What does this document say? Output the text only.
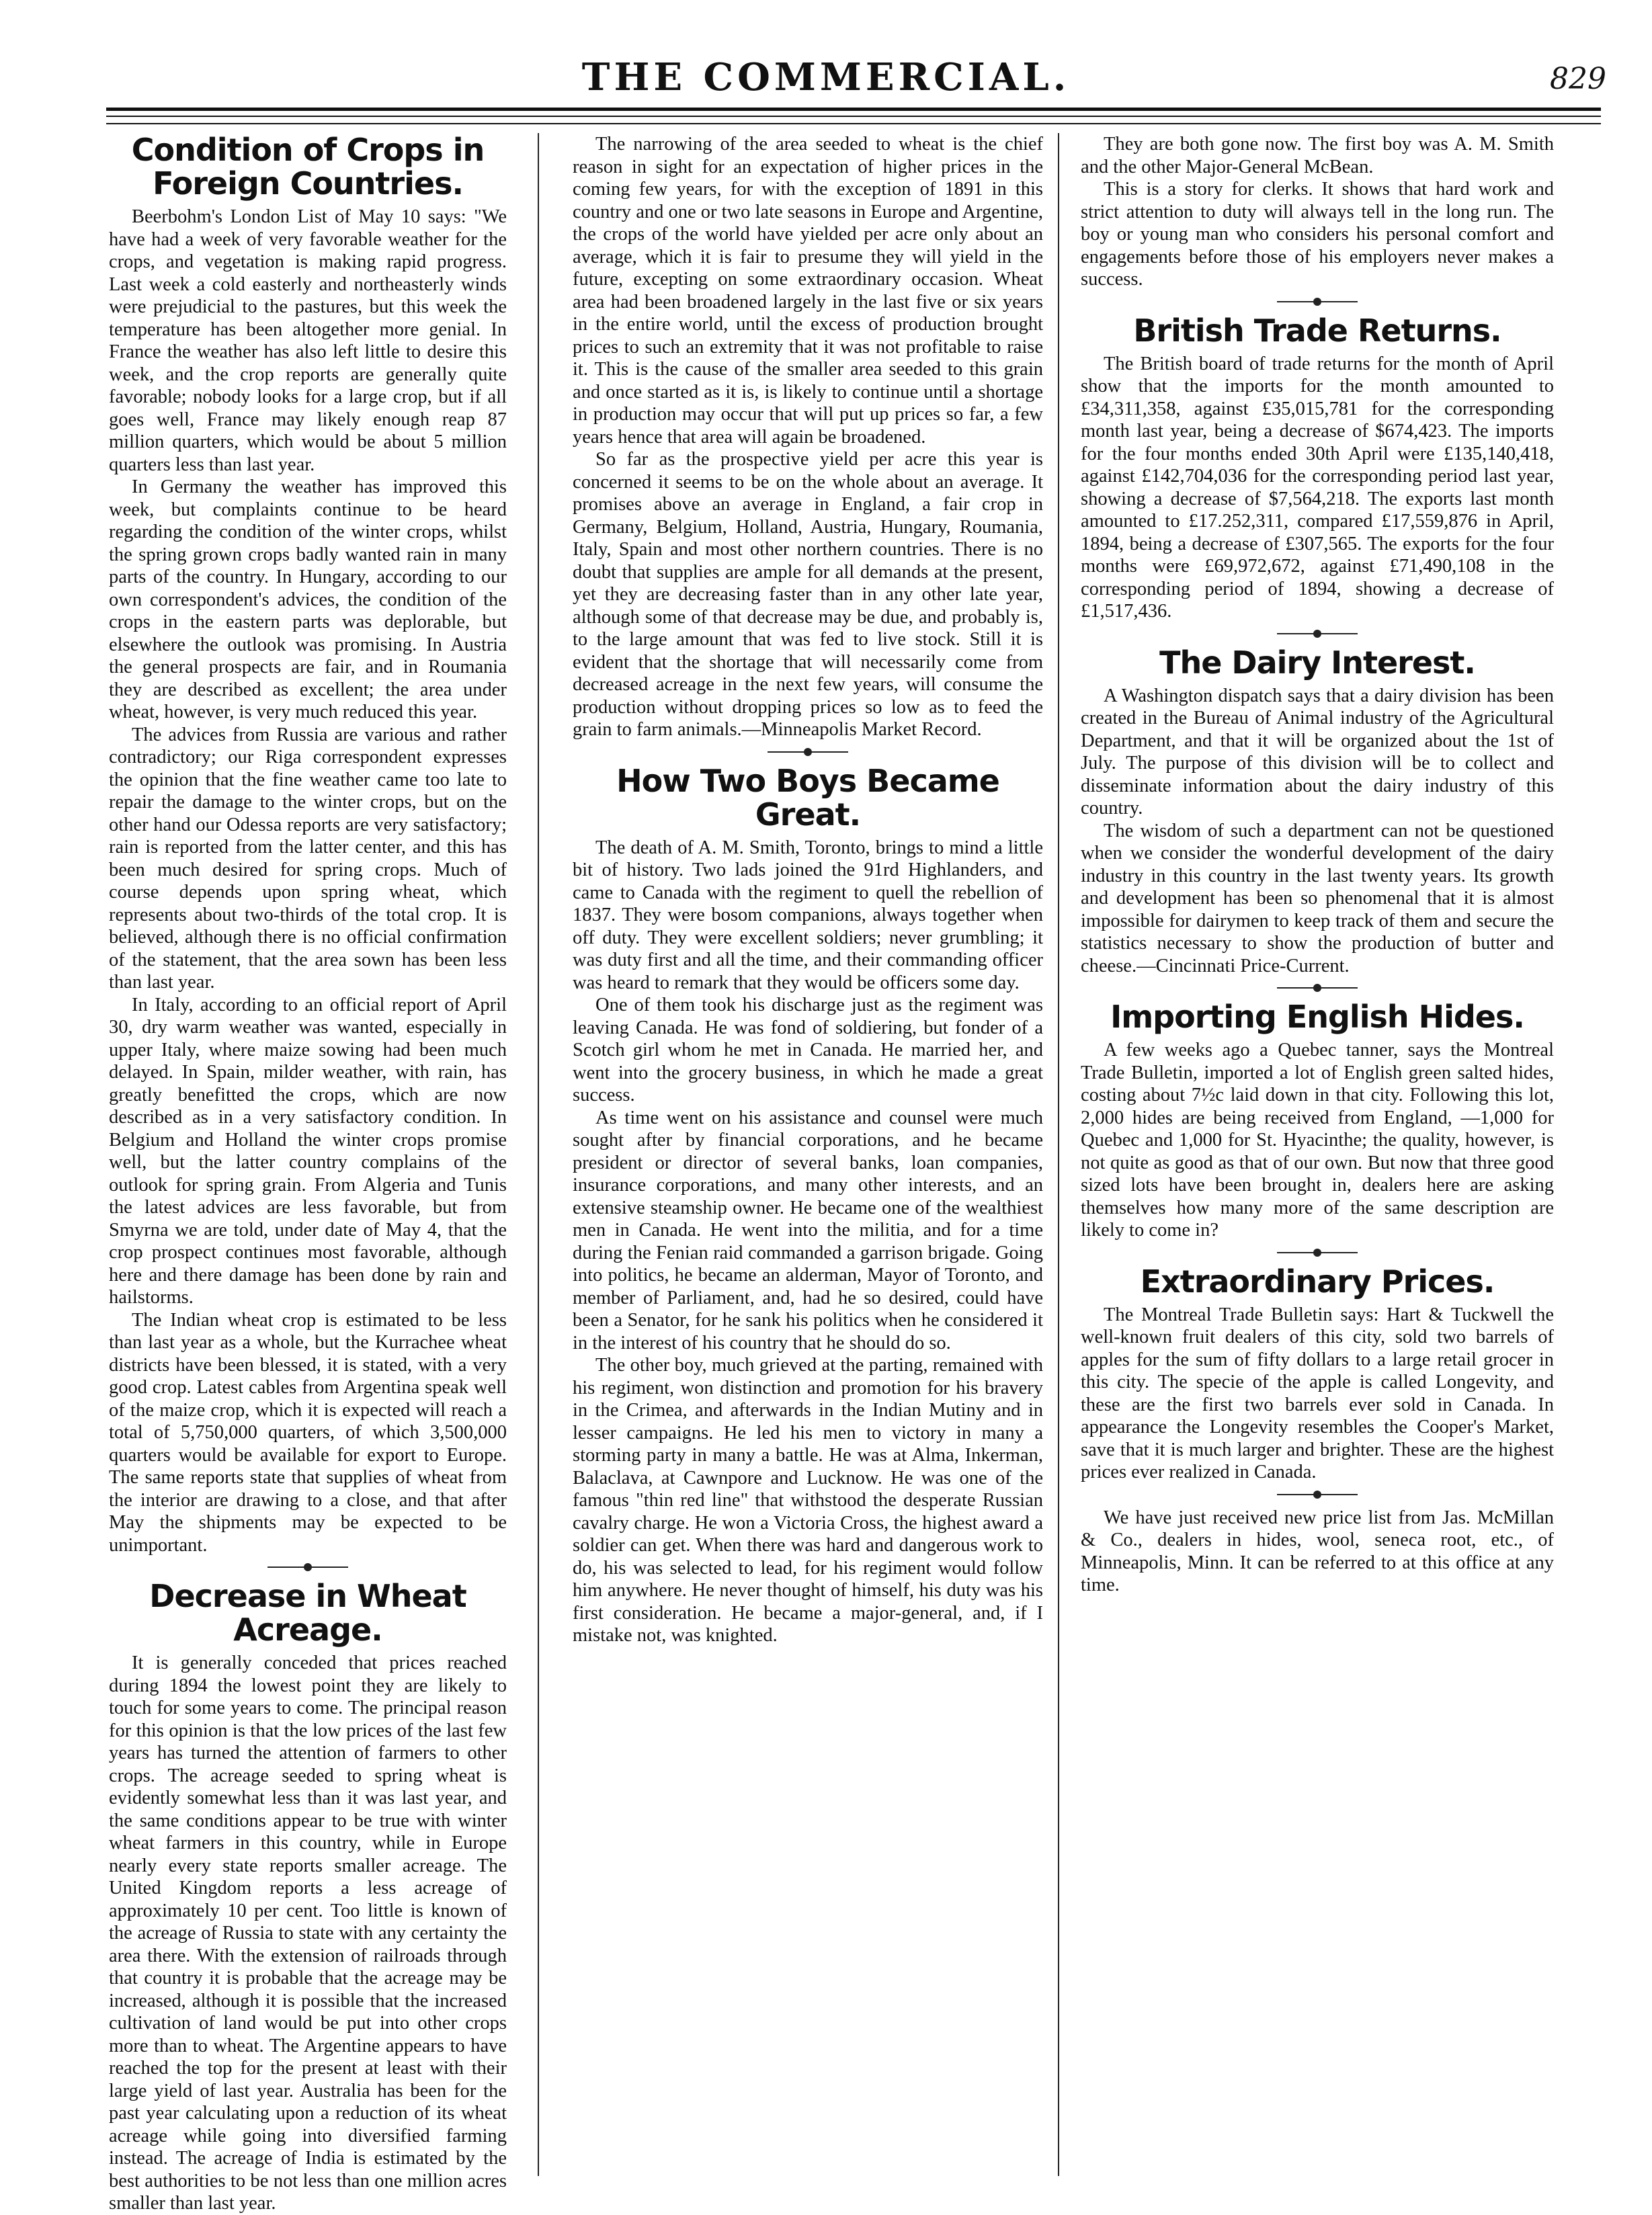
THE COMMERCIAL.	829
Condition of Crops in Foreign Countries.

Beerbohm's London List of May 10 says: "We have had a week of very favorable weather for the crops, and vegetation is making rapid progress. Last week a cold easterly and northeasterly winds were prejudicial to the pastures, but this week the temperature has been altogether more genial. In France the weather has also left little to desire this week, and the crop reports are generally quite favorable; nobody looks for a large crop, but if all goes well, France may likely enough reap 87 million quarters, which would be about 5 million quarters less than last year.

In Germany the weather has improved this week, but complaints continue to be heard regarding the condition of the winter crops, whilst the spring grown crops badly wanted rain in many parts of the country. In Hungary, according to our own correspondent's advices, the condition of the crops in the eastern parts was deplorable, but elsewhere the outlook was promising. In Austria the general prospects are fair, and in Roumania they are described as excellent; the area under wheat, however, is very much reduced this year.

The advices from Russia are various and rather contradictory; our Riga correspondent expresses the opinion that the fine weather came too late to repair the damage to the winter crops, but on the other hand our Odessa reports are very satisfactory; rain is reported from the latter center, and this has been much desired for spring crops. Much of course depends upon spring wheat, which represents about two-thirds of the total crop. It is believed, although there is no official confirmation of the statement, that the area sown has been less than last year.

In Italy, according to an official report of April 30, dry warm weather was wanted, especially in upper Italy, where maize sowing had been much delayed. In Spain, milder weather, with rain, has greatly benefitted the crops, which are now described as in a very satisfactory condition. In Belgium and Holland the winter crops promise well, but the latter country complains of the outlook for spring grain. From Algeria and Tunis the latest advices are less favorable, but from Smyrna we are told, under date of May 4, that the crop prospect continues most favorable, although here and there damage has been done by rain and hailstorms.

The Indian wheat crop is estimated to be less than last year as a whole, but the Kurrachee wheat districts have been blessed, it is stated, with a very good crop. Latest cables from Argentina speak well of the maize crop, which it is expected will reach a total of 5,750,000 quarters, of which 3,500,000 quarters would be available for export to Europe. The same reports state that supplies of wheat from the interior are drawing to a close, and that after May the shipments may be expected to be unimportant.

Decrease in Wheat Acreage.

It is generally conceded that prices reached during 1894 the lowest point they are likely to touch for some years to come. The principal reason for this opinion is that the low prices of the last few years has turned the attention of farmers to other crops. The acreage seeded to spring wheat is evidently somewhat less than it was last year, and the same conditions appear to be true with winter wheat farmers in this country, while in Europe nearly every state reports smaller acreage. The United Kingdom reports a less acreage of approximately 10 per cent. Too little is known of the acreage of Russia to state with any certainty the area there. With the extension of railroads through that country it is probable that the acreage may be increased, although it is possible that the increased cultivation of land would be put into other crops more than to wheat. The Argentine appears to have reached the top for the present at least with their large yield of last year. Australia has been for the past year calculating upon a reduction of its wheat acreage while going into diversified farming instead. The acreage of India is estimated by the best authorities to be not less than one million acres smaller than last year.

The narrowing of the area seeded to wheat is the chief reason in sight for an expectation of higher prices in the coming few years, for with the exception of 1891 in this country and one or two late seasons in Europe and Argentine, the crops of the world have yielded per acre only about an average, which it is fair to presume they will yield in the future, excepting on some extraordinary occasion. Wheat area had been broadened largely in the last five or six years in the entire world, until the excess of production brought prices to such an extremity that it was not profitable to raise it. This is the cause of the smaller area seeded to this grain and once started as it is, is likely to continue until a shortage in production may occur that will put up prices so far, a few years hence that area will again be broadened.

So far as the prospective yield per acre this year is concerned it seems to be on the whole about an average. It promises above an average in England, a fair crop in Germany, Belgium, Holland, Austria, Hungary, Roumania, Italy, Spain and most other northern countries. There is no doubt that supplies are ample for all demands at the present, yet they are decreasing faster than in any other late year, although some of that decrease may be due, and probably is, to the large amount that was fed to live stock. Still it is evident that the shortage that will necessarily come from decreased acreage in the next few years, will consume the production without dropping prices so low as to feed the grain to farm animals.—Minneapolis Market Record.

How Two Boys Became Great.

The death of A. M. Smith, Toronto, brings to mind a little bit of history. Two lads joined the 91rd Highlanders, and came to Canada with the regiment to quell the rebellion of 1837. They were bosom companions, always together when off duty. They were excellent soldiers; never grumbling; it was duty first and all the time, and their commanding officer was heard to remark that they would be officers some day.

One of them took his discharge just as the regiment was leaving Canada. He was fond of soldiering, but fonder of a Scotch girl whom he met in Canada. He married her, and went into the grocery business, in which he made a great success.

As time went on his assistance and counsel were much sought after by financial corporations, and he became president or director of several banks, loan companies, insurance corporations, and many other interests, and an extensive steamship owner. He became one of the wealthiest men in Canada. He went into the militia, and for a time during the Fenian raid commanded a garrison brigade. Going into politics, he became an alderman, Mayor of Toronto, and member of Parliament, and, had he so desired, could have been a Senator, for he sank his politics when he considered it in the interest of his country that he should do so.

The other boy, much grieved at the parting, remained with his regiment, won distinction and promotion for his bravery in the Crimea, and afterwards in the Indian Mutiny and in lesser campaigns. He led his men to victory in many a storming party in many a battle. He was at Alma, Inkerman, Balaclava, at Cawnpore and Lucknow. He was one of the famous "thin red line" that withstood the desperate Russian cavalry charge. He won a Victoria Cross, the highest award a soldier can get. When there was hard and dangerous work to do, his was selected to lead, for his regiment would follow him anywhere. He never thought of himself, his duty was his first consideration. He became a major-general, and, if I mistake not, was knighted.

They are both gone now. The first boy was A. M. Smith and the other Major-General McBean.

This is a story for clerks. It shows that hard work and strict attention to duty will always tell in the long run. The boy or young man who considers his personal comfort and engagements before those of his employers never makes a success.

British Trade Returns.

The British board of trade returns for the month of April show that the imports for the month amounted to £34,311,358, against £35,015,781 for the corresponding month last year, being a decrease of $674,423. The imports for the four months ended 30th April were £135,140,418, against £142,704,036 for the corresponding period last year, showing a decrease of $7,564,218. The exports last month amounted to £17.252,311, compared £17,559,876 in April, 1894, being a decrease of £307,565. The exports for the four months were £69,972,672, against £71,490,108 in the corresponding period of 1894, showing a decrease of £1,517,436.

The Dairy Interest.

A Washington dispatch says that a dairy division has been created in the Bureau of Animal industry of the Agricultural Department, and that it will be organized about the 1st of July. The purpose of this division will be to collect and disseminate information about the dairy industry of this country.

The wisdom of such a department can not be questioned when we consider the wonderful development of the dairy industry in this country in the last twenty years. Its growth and development has been so phenomenal that it is almost impossible for dairymen to keep track of them and secure the statistics necessary to show the production of butter and cheese.—Cincinnati Price-Current.

Importing English Hides.

A few weeks ago a Quebec tanner, says the Montreal Trade Bulletin, imported a lot of English green salted hides, costing about 7½c laid down in that city. Following this lot, 2,000 hides are being received from England, —1,000 for Quebec and 1,000 for St. Hyacinthe; the quality, however, is not quite as good as that of our own. But now that three good sized lots have been brought in, dealers here are asking themselves how many more of the same description are likely to come in?

Extraordinary Prices.

The Montreal Trade Bulletin says: Hart & Tuckwell the well-known fruit dealers of this city, sold two barrels of apples for the sum of fifty dollars to a large retail grocer in this city. The specie of the apple is called Longevity, and these are the first two barrels ever sold in Canada. In appearance the Longevity resembles the Cooper's Market, save that it is much larger and brighter. These are the highest prices ever realized in Canada.

We have just received new price list from Jas. McMillan & Co., dealers in hides, wool, seneca root, etc., of Minneapolis, Minn. It can be referred to at this office at any time.
